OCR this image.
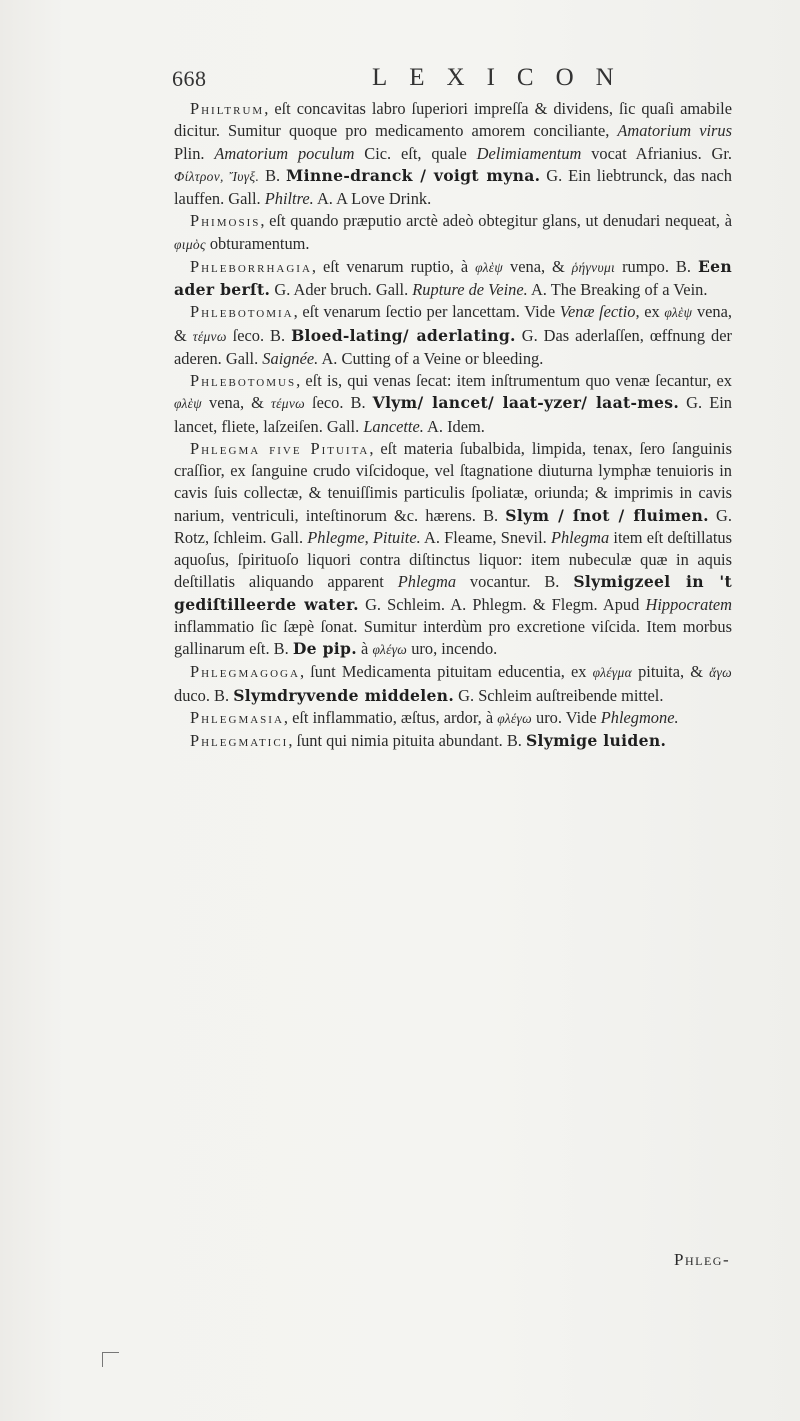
668	LEXICON

Philtrum, eſt concavitas labro ſuperiori impreſſa & dividens, ſic quaſi amabile dicitur. Sumitur quoque pro medicamento amorem conciliante, Amatorium virus Plin. Amatorium poculum Cic. eſt, quale Delimiamentum vocat Afrianius. Gr. Φίλτρον, Ἴυγξ. B. Minne-dranck / voigt myna. G. Ein liebtrunck, das nach lauffen. Gall. Philtre. A. A Love Drink.

Phimosis, eſt quando præputio arctè adeò obtegitur glans, ut denudari nequeat, à φιμὸς obturamentum.

Phleborrhagia, eſt venarum ruptio, à φλὲψ vena, & ῥήγνυμι rumpo. B. Een ader berſt. G. Ader bruch. Gall. Rupture de Veine. A. The Breaking of a Vein.

Phlebotomia, eſt venarum ſectio per lancettam. Vide Venæ ſectio, ex φλὲψ vena, & τέμνω ſeco. B. Bloed-lating/ aderlating. G. Das aderlaſſen, œffnung der aderen. Gall. Saignée. A. Cutting of a Veine or bleeding.

Phlebotomus, eſt is, qui venas ſecat: item inſtrumentum quo venæ ſecantur, ex φλὲψ vena, & τέμνω ſeco. B. Vlym/ lancet/ laat-yzer/ laat-mes. G. Ein lancet, fliete, laſzeiſen. Gall. Lancette. A. Idem.

Phlegma five Pituita, eſt materia ſubalbida, limpida, tenax, ſero ſanguinis craſſior, ex ſanguine crudo viſcidoque, vel ſtagnatione diuturna lymphæ tenuioris in cavis ſuis collectæ, & tenuiſſimis particulis ſpoliatæ, oriunda; & imprimis in cavis narium, ventriculi, inteſtinorum &c. hærens. B. Slym / ſnot / fluimen. G. Rotz, ſchleim. Gall. Phlegme, Pituite. A. Fleame, Snevil. Phlegma item eſt deſtillatus aquoſus, ſpirituoſo liquori contra diſtinctus liquor: item nubeculæ quæ in aquis deſtillatis aliquando apparent Phlegma vocantur. B. Slymigzeel in 't gediſtilleerde water. G. Schleim. A. Phlegm. & Flegm. Apud Hippocratem inflammatio ſic ſæpè ſonat. Sumitur interdùm pro excretione viſcida. Item morbus gallinarum eſt. B. De pip. à φλέγω uro, incendo.

Phlegmagoga, ſunt Medicamenta pituitam educentia, ex φλέγμα pituita, & ἄγω duco. B. Slymdryvende middelen. G. Schleim auſtreibende mittel.

Phlegmasia, eſt inflammatio, æſtus, ardor, à φλέγω uro. Vide Phlegmone.

Phlegmatici, ſunt qui nimia pituita abundant. B. Slymige luiden.

Phleg-
